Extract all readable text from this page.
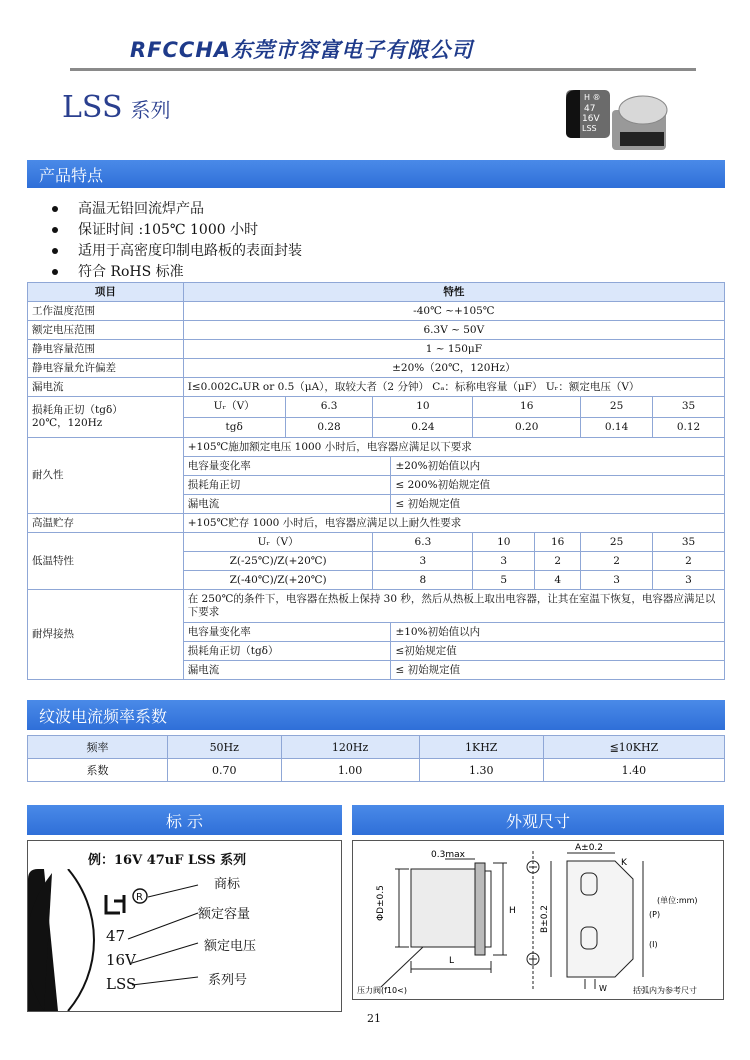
RFCCHA东莞市容富电子有限公司
LSS 系列
H ®
47
16V
LSS
产品特点
高温无铅回流焊产品
保证时间 :105℃ 1000 小时
适用于高密度印制电路板的表面封装
符合 RoHS 标准
项目	特性							
工作温度范围	-40℃ ~+105℃							
额定电压范围	6.3V ~ 50V							
静电容量范围	1 ~ 150μF							
静电容量允许偏差	±20%（20℃，120Hz）							
漏电流	I≤0.002CₐUR or 0.5（μA），取较大者（2 分钟） Cₐ：标称电容量（μF） Uᵣ：额定电压（V）							

损耗角正切（tgδ）
20℃，120Hz	Uᵣ（V）	6.3	10		16		25	35
	tgδ	0.28	0.24		0.20		0.14	0.12
耐久性	+105℃施加额定电压 1000 小时后，电容器应满足以下要求							
	电容量变化率			±20%初始值以内				
	损耗角正切			≤ 200%初始规定值				
	漏电流			≤ 初始规定值				
高温贮存	+105℃贮存 1000 小时后，电容器应满足以上耐久性要求							
低温特性	Uᵣ（V）		6.3		10	16	25	35
	Z(-25℃)/Z(+20℃)		3		3	2	2	2
	Z(-40℃)/Z(+20℃)		8		5	4	3	3
耐焊接热	在 250℃的条件下，电容器在热板上保持 30 秒，然后从热板上取出电容器，让其在室温下恢复，电容器应满足以下要求							
	电容量变化率			±10%初始值以内				
	损耗角正切（tgδ）			≤初始规定值				
	漏电流			≤ 初始规定值				
纹波电流频率系数
频率	50Hz	120Hz	1KHZ	≦10KHZ
系数	0.70	1.00	1.30	1.40
标 示
例：16V 47uF LSS 系列
R
47
16V
LSS
商标
额定容量
额定电压
系列号
外观尺寸
0.3max
ΦD±0.5	H
L
A±0.2
B±0.2
K
(P)
(I)
W
(单位:mm)
压力阀(f10<)	括弧内为参考尺寸
21
